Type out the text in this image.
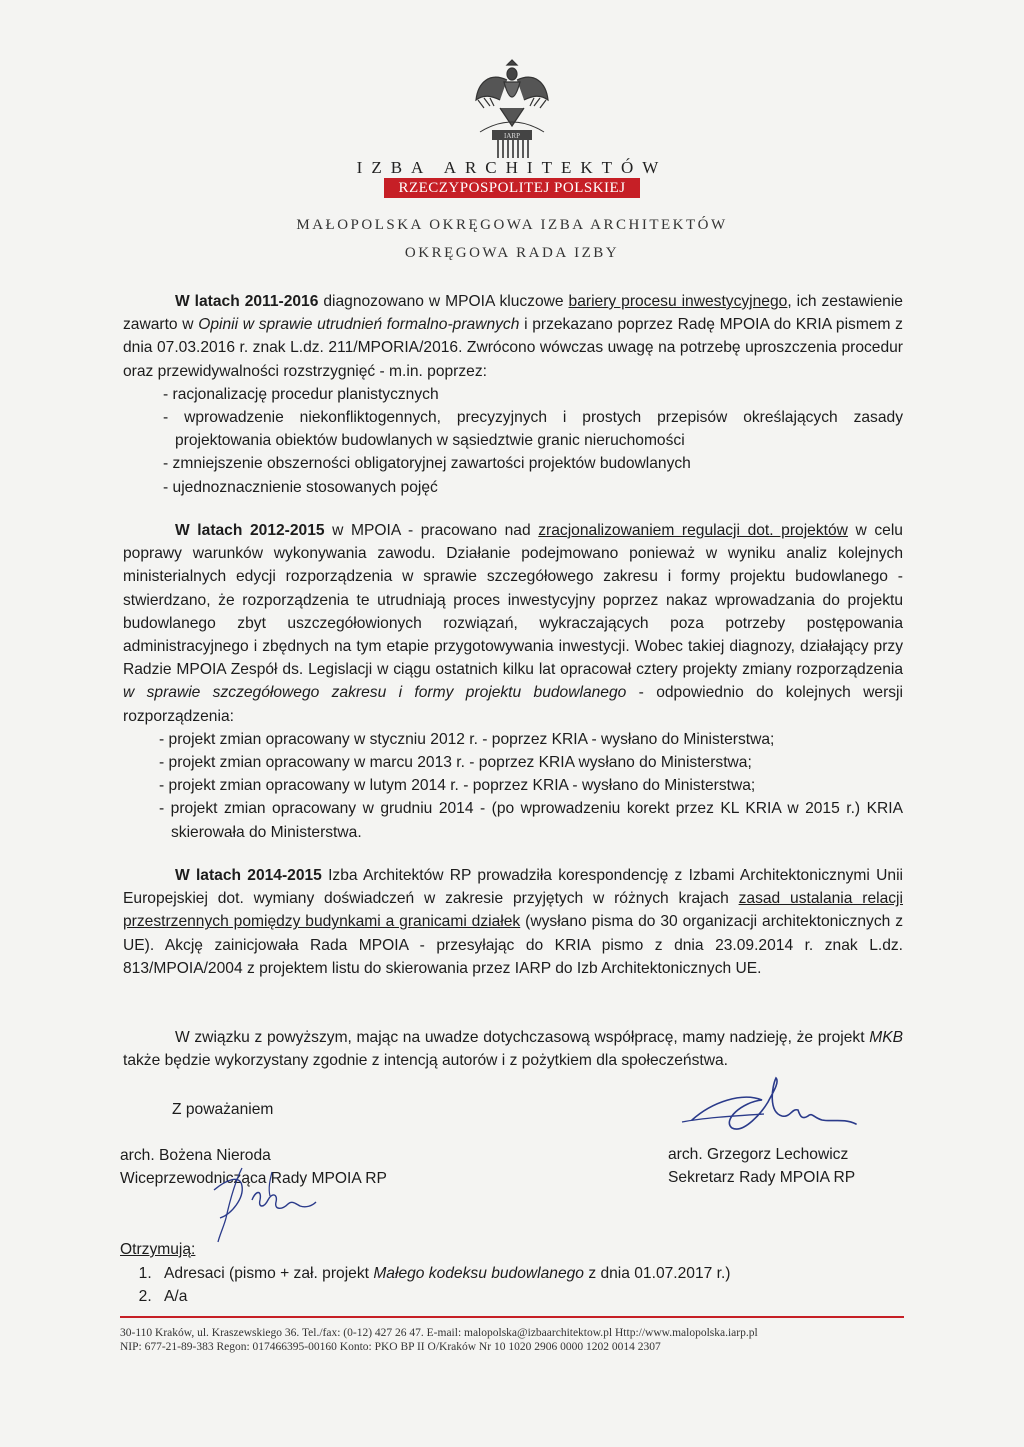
IARP
IZBA ARCHITEKTÓW
RZECZYPOSPOLITEJ POLSKIEJ
MAŁOPOLSKA OKRĘGOWA IZBA ARCHITEKTÓW
OKRĘGOWA RADA IZBY

W latach 2011-2016 diagnozowano w MPOIA kluczowe bariery procesu inwestycyjnego, ich zestawienie zawarto w Opinii w sprawie utrudnień formalno-prawnych i przekazano poprzez Radę MPOIA do KRIA pismem z dnia 07.03.2016 r. znak L.dz. 211/MPORIA/2016. Zwrócono wówczas uwagę na potrzebę uproszczenia procedur oraz przewidywalności rozstrzygnięć - m.in. poprzez:

- racjonalizację procedur planistycznych
- wprowadzenie niekonfliktogennych, precyzyjnych i prostych przepisów określających zasady projektowania obiektów budowlanych w sąsiedztwie granic nieruchomości
- zmniejszenie obszerności obligatoryjnej zawartości projektów budowlanych
- ujednoznacznienie stosowanych pojęć

W latach 2012-2015 w MPOIA - pracowano nad zracjonalizowaniem regulacji dot. projektów w celu poprawy warunków wykonywania zawodu. Działanie podejmowano ponieważ w wyniku analiz kolejnych ministerialnych edycji rozporządzenia w sprawie szczegółowego zakresu i formy projektu budowlanego - stwierdzano, że rozporządzenia te utrudniają proces inwestycyjny poprzez nakaz wprowadzania do projektu budowlanego zbyt uszczegółowionych rozwiązań, wykraczających poza potrzeby postępowania administracyjnego i zbędnych na tym etapie przygotowywania inwestycji. Wobec takiej diagnozy, działający przy Radzie MPOIA Zespół ds. Legislacji w ciągu ostatnich kilku lat opracował cztery projekty zmiany rozporządzenia w sprawie szczegółowego zakresu i formy projektu budowlanego - odpowiednio do kolejnych wersji rozporządzenia:

- projekt zmian opracowany w styczniu 2012 r. - poprzez KRIA - wysłano do Ministerstwa;
- projekt zmian opracowany w marcu 2013 r. - poprzez KRIA wysłano do Ministerstwa;
- projekt zmian opracowany w lutym 2014 r. - poprzez KRIA - wysłano do Ministerstwa;
- projekt zmian opracowany w grudniu 2014 - (po wprowadzeniu korekt przez KL KRIA w 2015 r.) KRIA skierowała do Ministerstwa.

W latach 2014-2015 Izba Architektów RP prowadziła korespondencję z Izbami Architektonicznymi Unii Europejskiej dot. wymiany doświadczeń w zakresie przyjętych w różnych krajach zasad ustalania relacji przestrzennych pomiędzy budynkami a granicami działek (wysłano pisma do 30 organizacji architektonicznych z UE). Akcję zainicjowała Rada MPOIA - przesyłając do KRIA pismo z dnia 23.09.2014 r. znak L.dz. 813/MPOIA/2004 z projektem listu do skierowania przez IARP do Izb Architektonicznych UE.

W związku z powyższym, mając na uwadze dotychczasową współpracę, mamy nadzieję, że projekt MKB także będzie wykorzystany zgodnie z intencją autorów i z pożytkiem dla społeczeństwa.

Z poważaniem
arch. Bożena Nieroda
Wiceprzewodnicząca Rady MPOIA RP
arch. Grzegorz Lechowicz
Sekretarz Rady MPOIA RP
Otrzymują:
1. Adresaci (pismo + zał. projekt Małego kodeksu budowlanego z dnia 01.07.2017 r.)
2. A/a
30-110 Kraków, ul. Kraszewskiego 36. Tel./fax: (0-12) 427 26 47. E-mail: malopolska@izbaarchitektow.pl Http://www.malopolska.iarp.pl
NIP: 677-21-89-383 Regon: 017466395-00160 Konto: PKO BP II O/Kraków Nr 10 1020 2906 0000 1202 0014 2307
